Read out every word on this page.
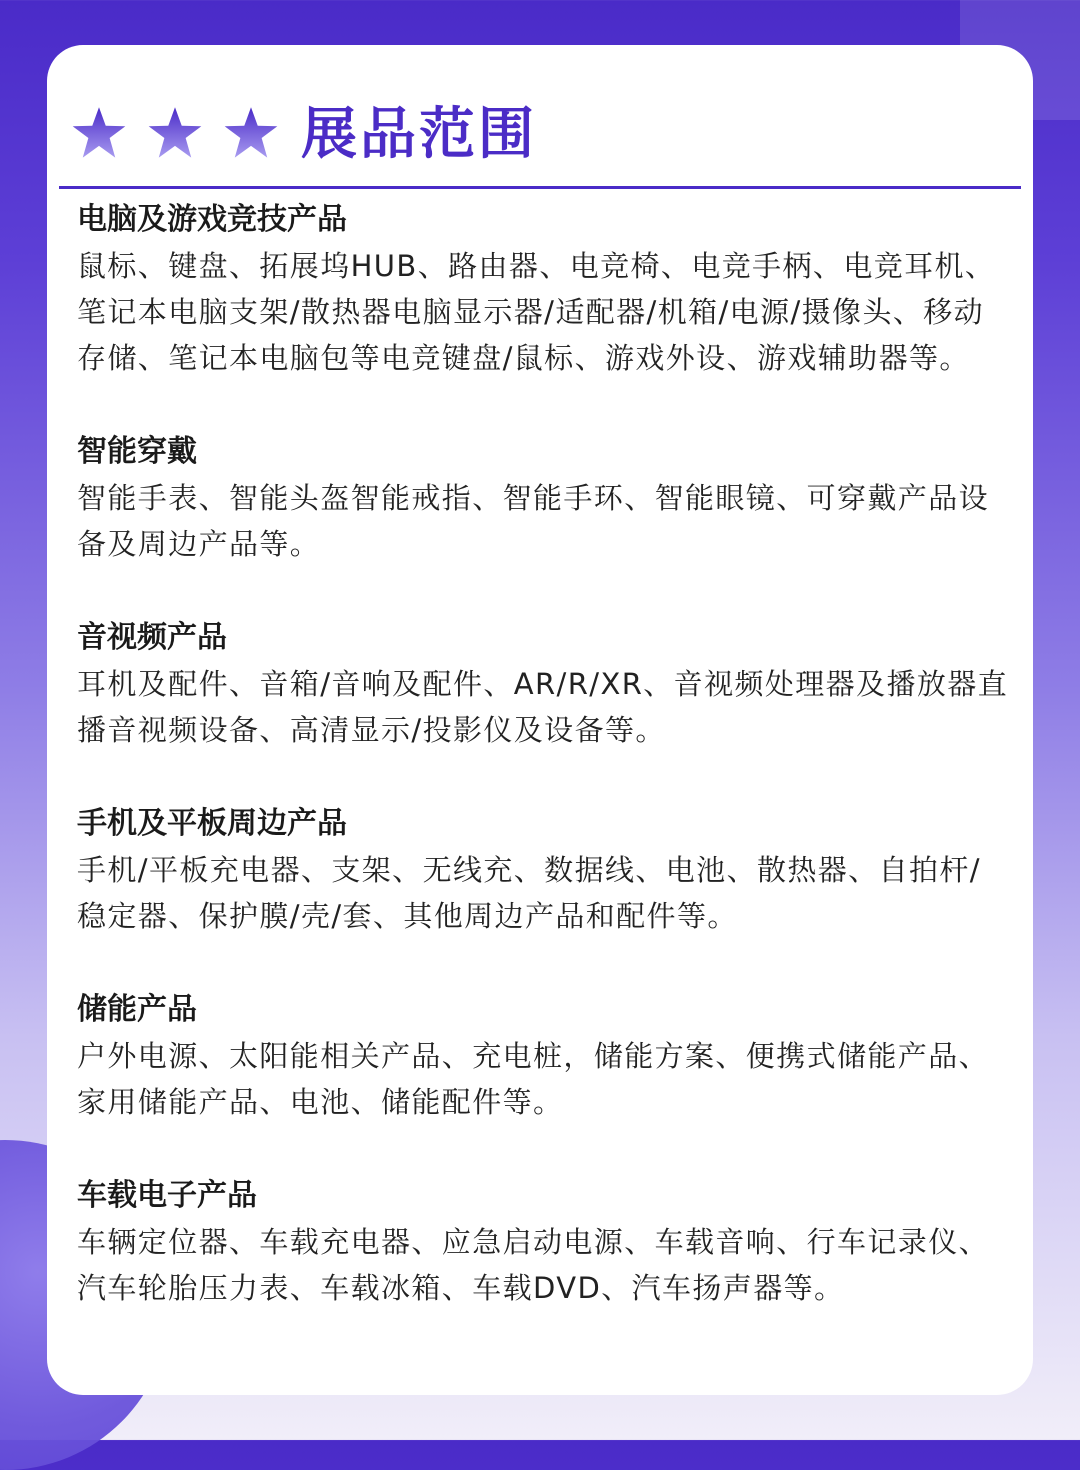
展品范围
电脑及游戏竞技产品
鼠标、键盘、拓展坞HUB、路由器、电竞椅、电竞手柄、电竞耳机、笔记本电脑支架/散热器电脑显示器/适配器/机箱/电源/摄像头、移动存储、笔记本电脑包等电竞键盘/鼠标、游戏外设、游戏辅助器等。
智能穿戴
智能手表、智能头盔智能戒指、智能手环、智能眼镜、可穿戴产品设备及周边产品等。
音视频产品
耳机及配件、音箱/音响及配件、AR/R/XR、音视频处理器及播放器直播音视频设备、高清显示/投影仪及设备等。
手机及平板周边产品
手机/平板充电器、支架、无线充、数据线、电池、散热器、自拍杆/稳定器、保护膜/壳/套、其他周边产品和配件等。
储能产品
户外电源、太阳能相关产品、充电桩，储能方案、便携式储能产品、家用储能产品、电池、储能配件等。
车载电子产品
车辆定位器、车载充电器、应急启动电源、车载音响、行车记录仪、汽车轮胎压力表、车载冰箱、车载DVD、汽车扬声器等。
